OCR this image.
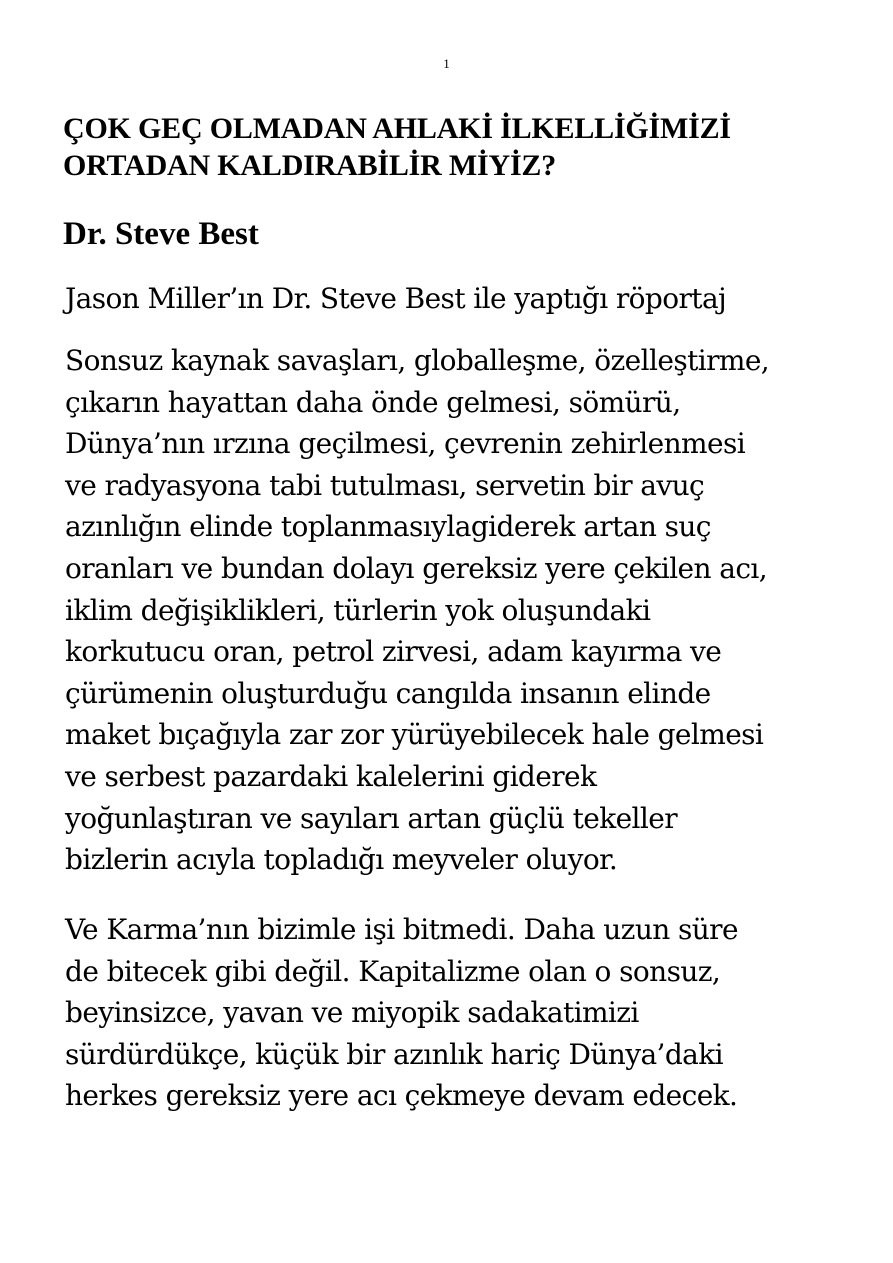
1
ÇOK GEÇ OLMADAN AHLAKİ İLKELLİĞİMİZİ
ORTADAN KALDIRABİLİR MİYİZ?
Dr. Steve Best

Jason Miller’ın Dr. Steve Best ile yaptığı röportaj

Sonsuz kaynak savaşları, globalleşme, özelleştirme,
çıkarın hayattan daha önde gelmesi, sömürü,
Dünya’nın ırzına geçilmesi, çevrenin zehirlenmesi
ve radyasyona tabi tutulması, servetin bir avuç
azınlığın elinde toplanmasıylagiderek artan suç
oranları ve bundan dolayı gereksiz yere çekilen acı,
iklim değişiklikleri, türlerin yok oluşundaki
korkutucu oran, petrol zirvesi, adam kayırma ve
çürümenin oluşturduğu cangılda insanın elinde
maket bıçağıyla zar zor yürüyebilecek hale gelmesi
ve serbest pazardaki kalelerini giderek
yoğunlaştıran ve sayıları artan güçlü tekeller
bizlerin acıyla topladığı meyveler oluyor.
Ve Karma’nın bizimle işi bitmedi. Daha uzun süre
de bitecek gibi değil. Kapitalizme olan o sonsuz,
beyinsizce, yavan ve miyopik sadakatimizi
sürdürdükçe, küçük bir azınlık hariç Dünya’daki
herkes gereksiz yere acı çekmeye devam edecek.
